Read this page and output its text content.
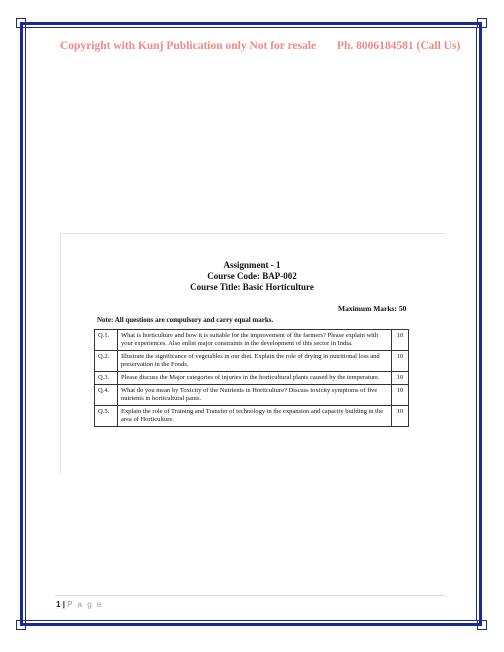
Copyright with Kunj Publication only Not for resale Ph. 8006184581 (Call Us)
Assignment - 1
Course Code: BAP-002
Course Title: Basic Horticulture
Maximum Marks: 50
Note: All questions are compulsory and carry equal marks.
Q.1.	What is horticulture and how it is suitable for the improvement of the farmers? Please explain with your experiences. Also enlist major constraints in the development of this sector in India.	10
Q.2.	Illustrate the significance of vegetables in our diet. Explain the role of drying in nutritional loss and preservation in the Foods.	10
Q.3.	Please discuss the Major categories of injuries in the horticultural plants caused by the temperature.	10
Q.4.	What do you mean by Toxicity of the Nutrients in Horticulture? Discuss toxicity symptoms of five nutrients in horticultural pants.	10
Q.5.	Explain the role of Training and Transfer of technology in the expansion and capacity building in the area of Horticulture.	10
1 | P a g e
